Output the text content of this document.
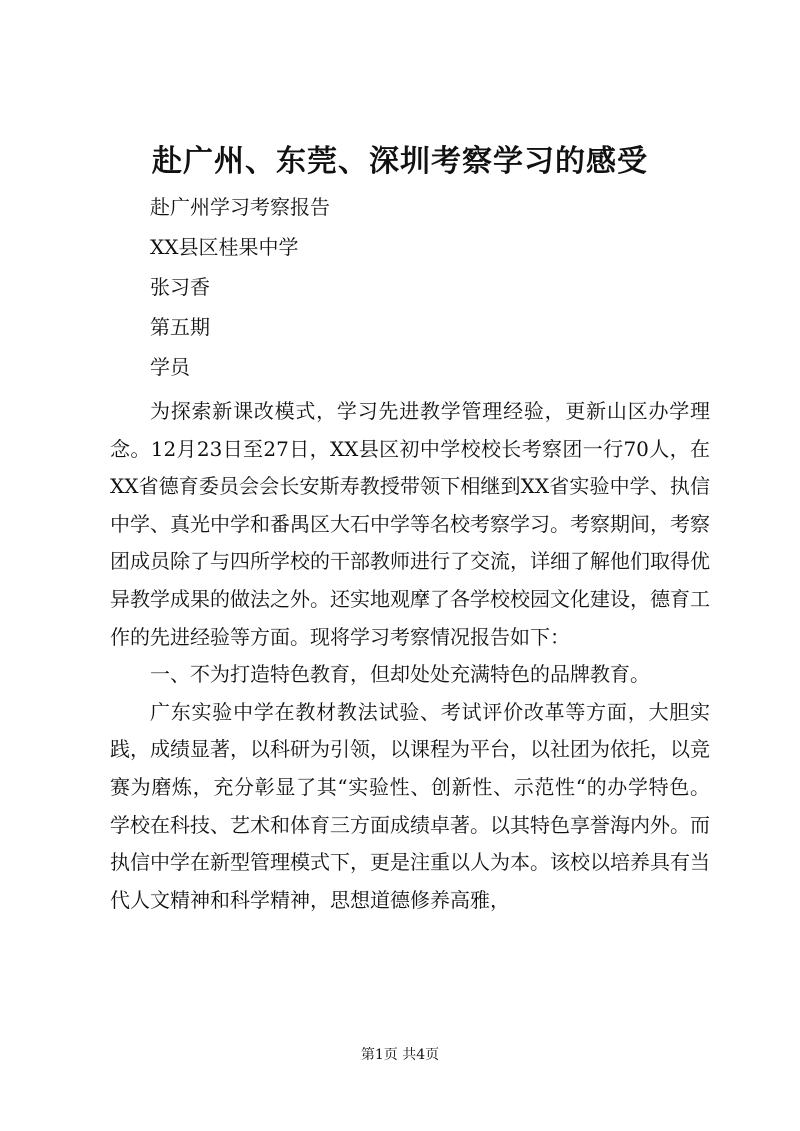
赴广州、东莞、深圳考察学习的感受
赴广州学习考察报告
XX县区桂果中学
张习香
第五期
学员

为探索新课改模式，学习先进教学管理经验，更新山区办学理念。12月23日至27日，XX县区初中学校校长考察团一行70人，在XX省德育委员会会长安斯寿教授带领下相继到XX省实验中学、执信中学、真光中学和番禺区大石中学等名校考察学习。考察期间，考察团成员除了与四所学校的干部教师进行了交流，详细了解他们取得优异教学成果的做法之外。还实地观摩了各学校校园文化建设，德育工作的先进经验等方面。现将学习考察情况报告如下：

一、不为打造特色教育，但却处处充满特色的品牌教育。

广东实验中学在教材教法试验、考试评价改革等方面，大胆实践，成绩显著，以科研为引领，以课程为平台，以社团为依托，以竞赛为磨炼，充分彰显了其“实验性、创新性、示范性“的办学特色。学校在科技、艺术和体育三方面成绩卓著。以其特色享誉海内外。而执信中学在新型管理模式下，更是注重以人为本。该校以培养具有当代人文精神和科学精神，思想道德修养高雅，

第1页 共4页
